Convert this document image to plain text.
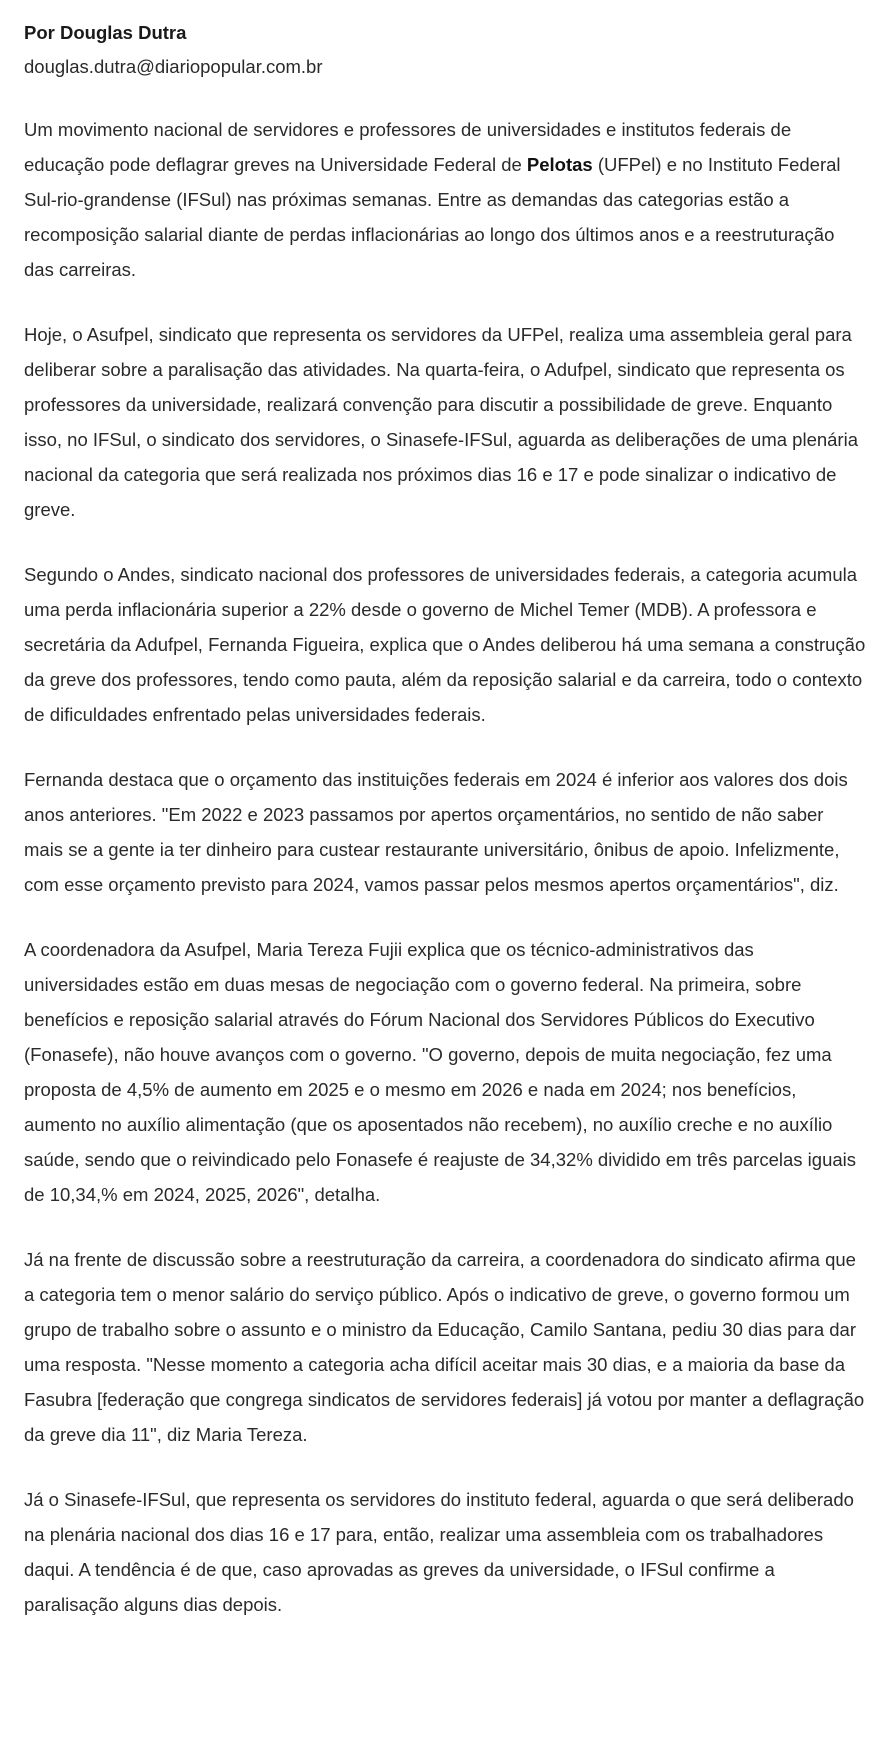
Por Douglas Dutra

douglas.dutra@diariopopular.com.br

Um movimento nacional de servidores e professores de universidades e institutos federais de educação pode deflagrar greves na Universidade Federal de Pelotas (UFPel) e no Instituto Federal Sul-rio-grandense (IFSul) nas próximas semanas. Entre as demandas das categorias estão a recomposição salarial diante de perdas inflacionárias ao longo dos últimos anos e a reestruturação das carreiras.

Hoje, o Asufpel, sindicato que representa os servidores da UFPel, realiza uma assembleia geral para deliberar sobre a paralisação das atividades. Na quarta-feira, o Adufpel, sindicato que representa os professores da universidade, realizará convenção para discutir a possibilidade de greve. Enquanto isso, no IFSul, o sindicato dos servidores, o Sinasefe-IFSul, aguarda as deliberações de uma plenária nacional da categoria que será realizada nos próximos dias 16 e 17 e pode sinalizar o indicativo de greve.

Segundo o Andes, sindicato nacional dos professores de universidades federais, a categoria acumula uma perda inflacionária superior a 22% desde o governo de Michel Temer (MDB). A professora e secretária da Adufpel, Fernanda Figueira, explica que o Andes deliberou há uma semana a construção da greve dos professores, tendo como pauta, além da reposição salarial e da carreira, todo o contexto de dificuldades enfrentado pelas universidades federais.

Fernanda destaca que o orçamento das instituições federais em 2024 é inferior aos valores dos dois anos anteriores. "Em 2022 e 2023 passamos por apertos orçamentários, no sentido de não saber mais se a gente ia ter dinheiro para custear restaurante universitário, ônibus de apoio. Infelizmente, com esse orçamento previsto para 2024, vamos passar pelos mesmos apertos orçamentários", diz.

A coordenadora da Asufpel, Maria Tereza Fujii explica que os técnico-administrativos das universidades estão em duas mesas de negociação com o governo federal. Na primeira, sobre benefícios e reposição salarial através do Fórum Nacional dos Servidores Públicos do Executivo (Fonasefe), não houve avanços com o governo. "O governo, depois de muita negociação, fez uma proposta de 4,5% de aumento em 2025 e o mesmo em 2026 e nada em 2024; nos benefícios, aumento no auxílio alimentação (que os aposentados não recebem), no auxílio creche e no auxílio saúde, sendo que o reivindicado pelo Fonasefe é reajuste de 34,32% dividido em três parcelas iguais de 10,34,% em 2024, 2025, 2026", detalha.

Já na frente de discussão sobre a reestruturação da carreira, a coordenadora do sindicato afirma que a categoria tem o menor salário do serviço público. Após o indicativo de greve, o governo formou um grupo de trabalho sobre o assunto e o ministro da Educação, Camilo Santana, pediu 30 dias para dar uma resposta. "Nesse momento a categoria acha difícil aceitar mais 30 dias, e a maioria da base da Fasubra [federação que congrega sindicatos de servidores federais] já votou por manter a deflagração da greve dia 11", diz Maria Tereza.

Já o Sinasefe-IFSul, que representa os servidores do instituto federal, aguarda o que será deliberado na plenária nacional dos dias 16 e 17 para, então, realizar uma assembleia com os trabalhadores daqui. A tendência é de que, caso aprovadas as greves da universidade, o IFSul confirme a paralisação alguns dias depois.
